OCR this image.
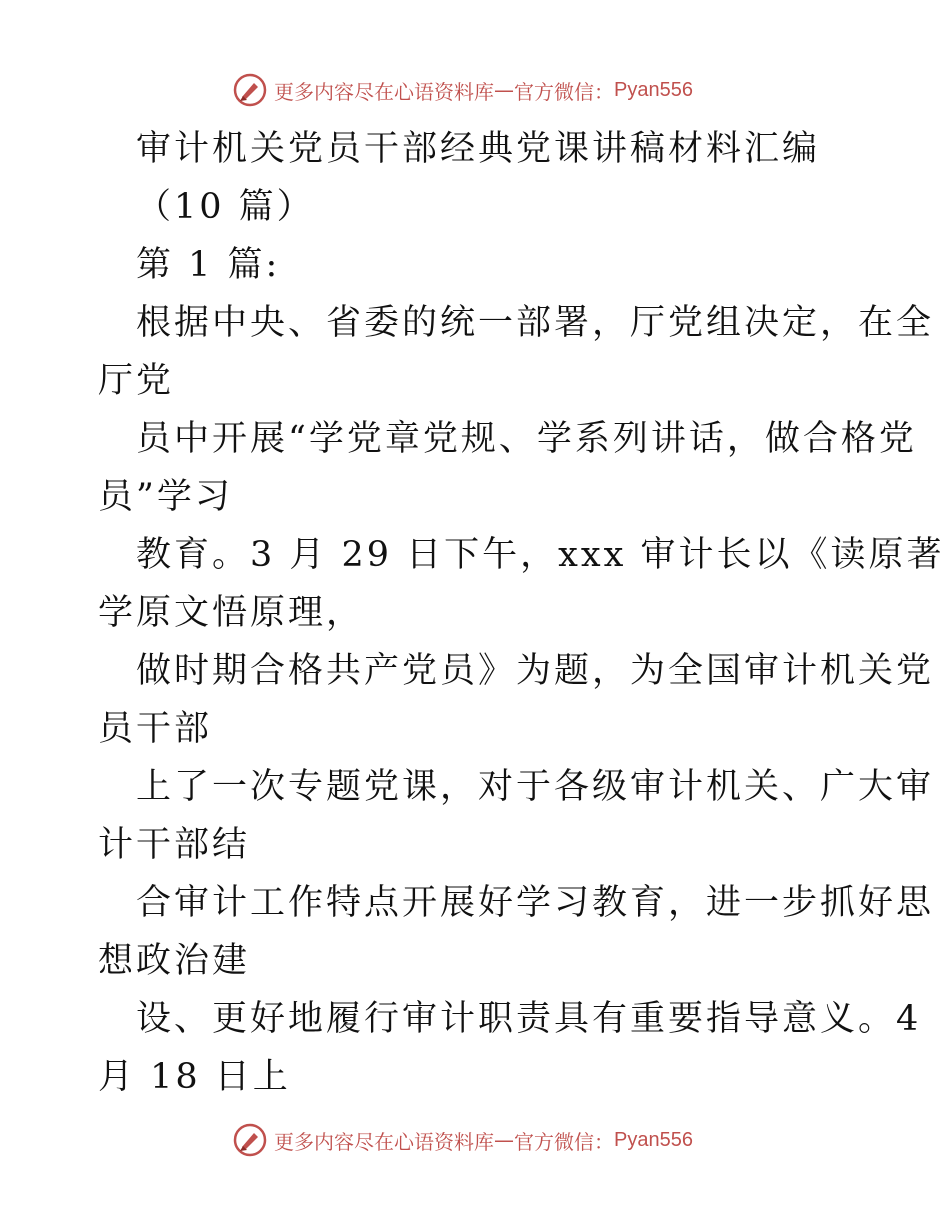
更多内容尽在心语资料库 — 官方微信： Pyan556
审计机关党员干部经典党课讲稿材料汇编
（10 篇）
第 1 篇:
根据中央、省委的统一部署，厅党组决定，在全
厅党
员中开展“学党章党规、学系列讲话，做合格党
员”学习
教育。3 月 29 日下午，xxx 审计长以《读原著
学原文悟原理，
做时期合格共产党员》为题，为全国审计机关党
员干部
上了一次专题党课，对于各级审计机关、广大审
计干部结
合审计工作特点开展好学习教育，进一步抓好思
想政治建
设、更好地履行审计职责具有重要指导意义。4
月 18 日上
更多内容尽在心语资料库 — 官方微信： Pyan556
